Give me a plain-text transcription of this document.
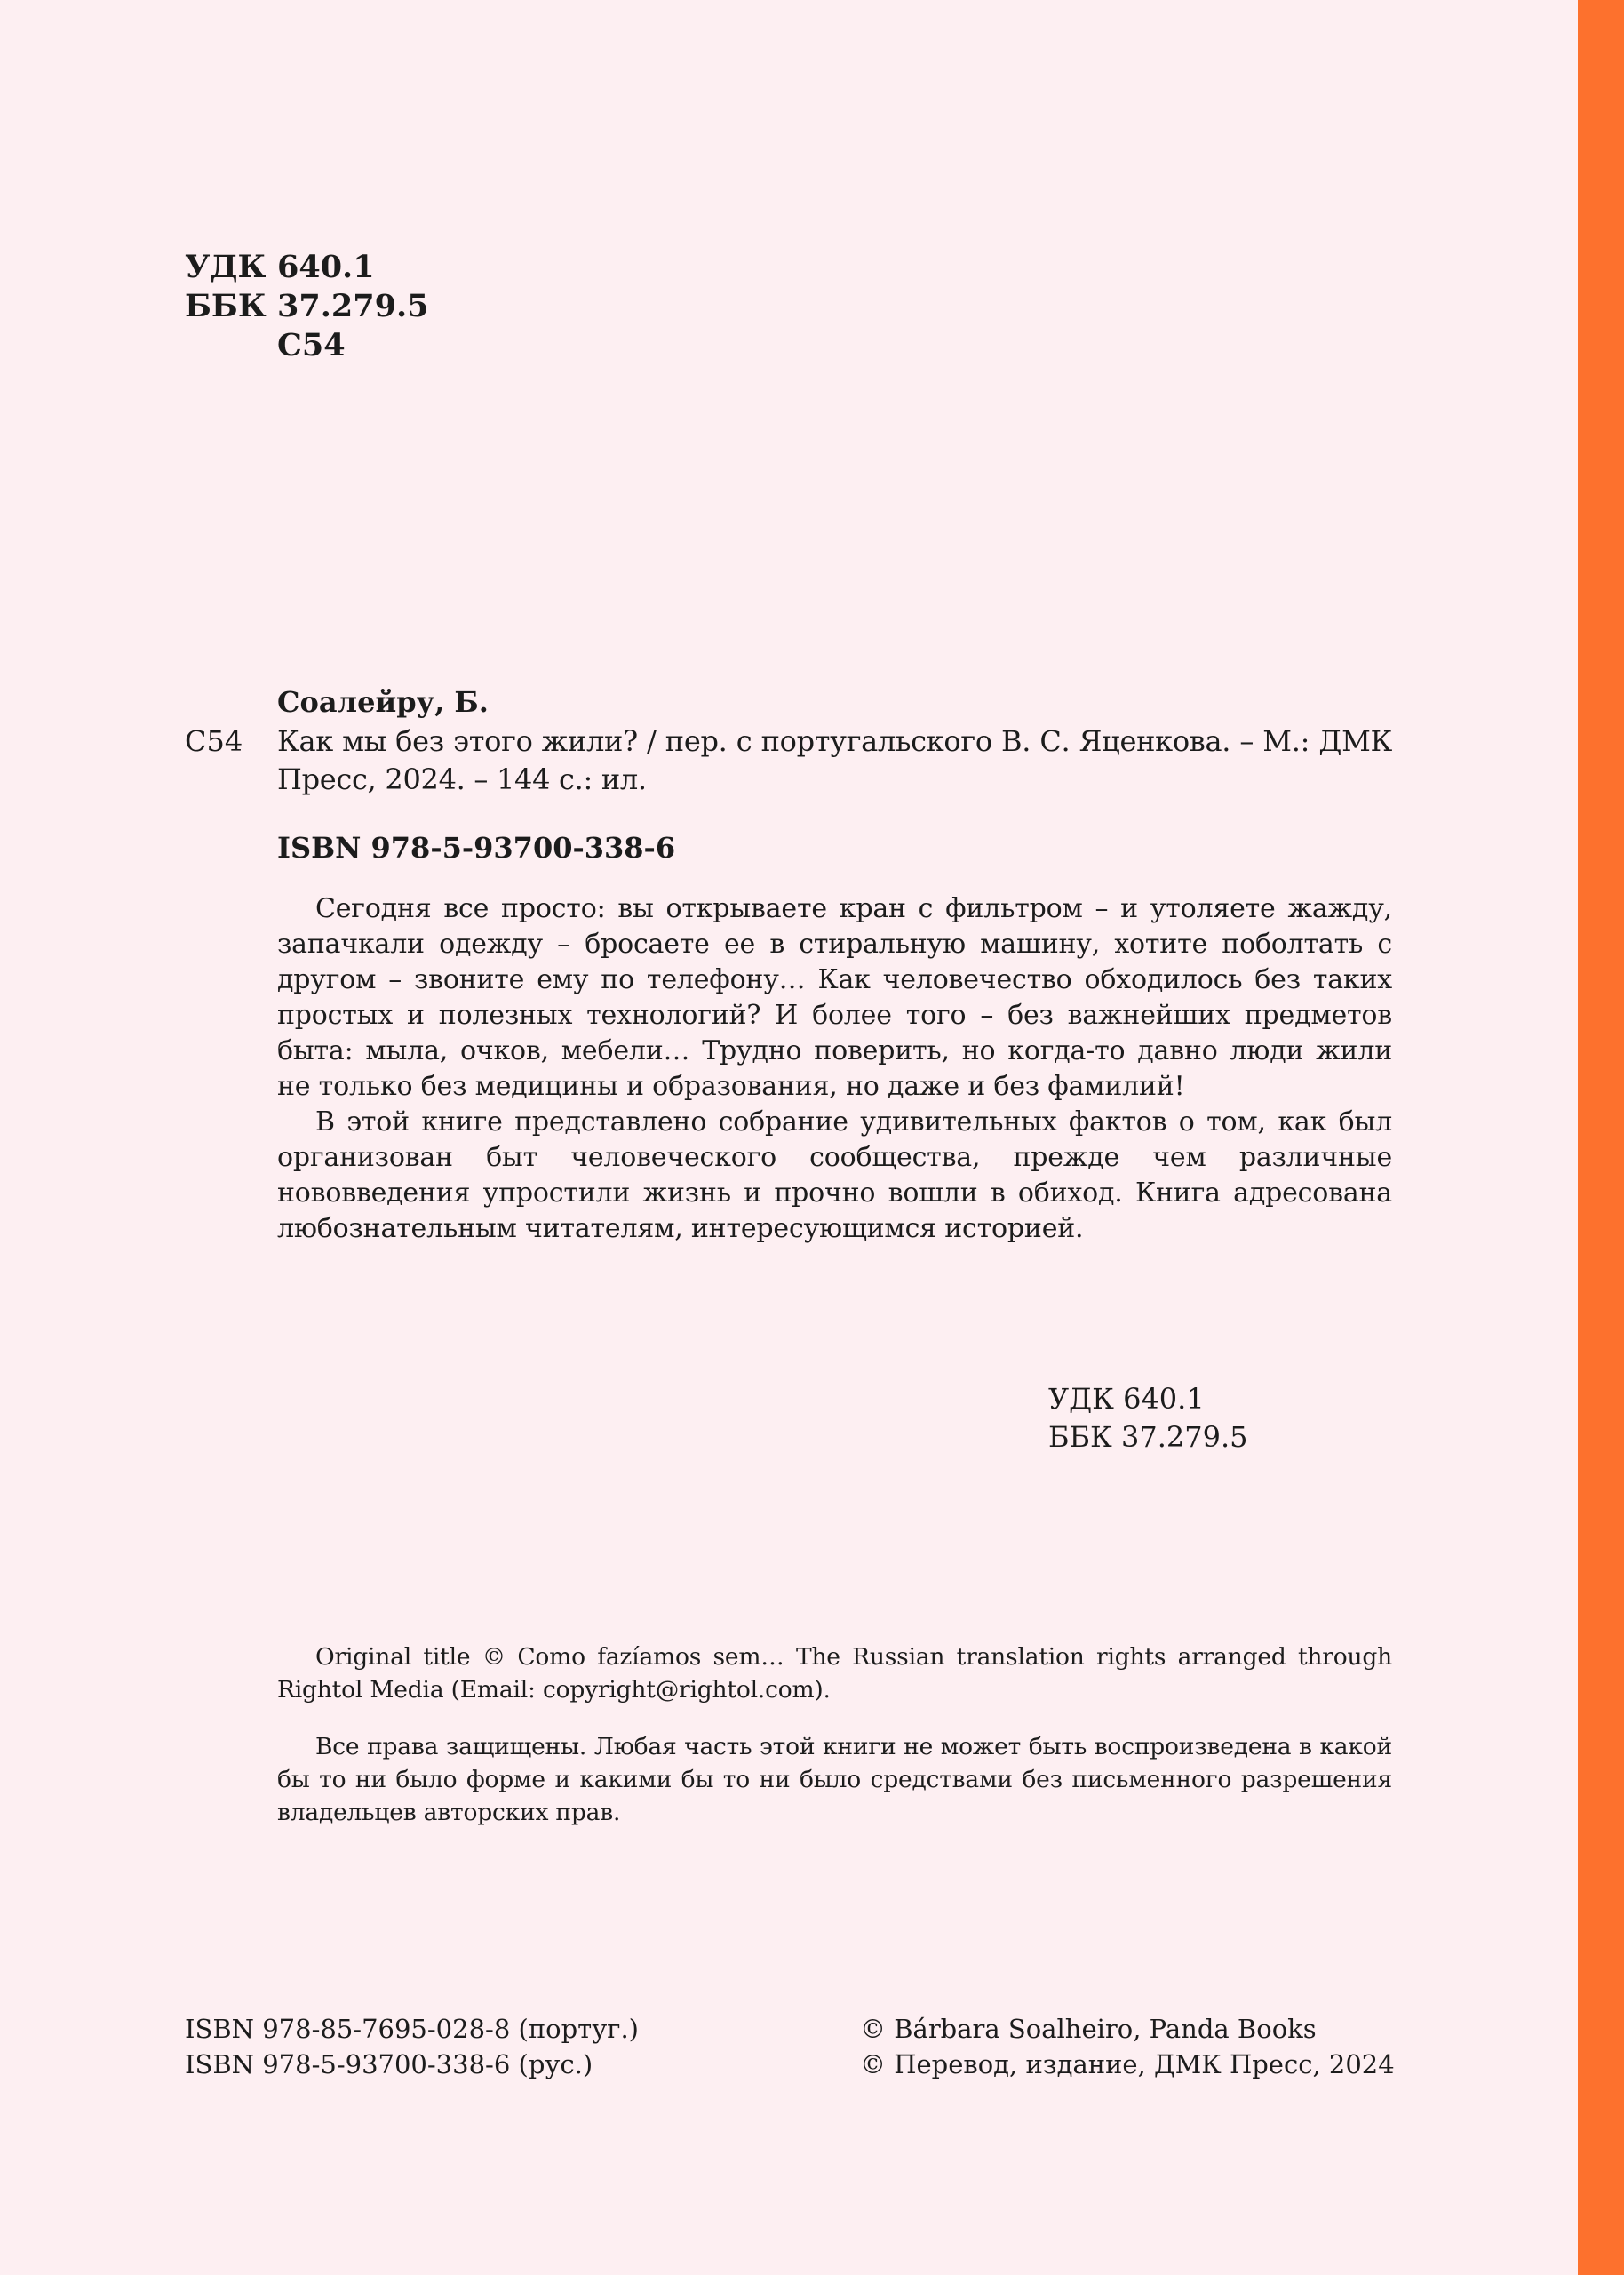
УДК 640.1
ББК 37.279.5
С54
Соалейру, Б.
С54 Как мы без этого жили? / пер. с португальского В. С. Яценкова. – М.: ДМК
Пресс, 2024. – 144 с.: ил.
ISBN 978-5-93700-338-6
Сегодня все просто: вы открываете кран с фильтром – и утоляете жажду, запачкали одежду – бросаете ее в стиральную машину, хотите поболтать с другом – звоните ему по телефону… Как человечество обходилось без таких простых и полезных технологий? И более того – без важнейших предметов быта: мыла, очков, мебели… Трудно поверить, но когда-то давно люди жили не только без медицины и образования, но даже и без фамилий!
В этой книге представлено собрание удивительных фактов о том, как был организован быт человеческого сообщества, прежде чем различные нововведения упростили жизнь и прочно вошли в обиход. Книга адресована любознательным читателям, интересующимся историей.
УДК 640.1
ББК 37.279.5
Original title © Como fazíamos sem… The Russian translation rights arranged through Rightol Media (Email: copyright@rightol.com).
Все права защищены. Любая часть этой книги не может быть воспроизведена в какой бы то ни было форме и какими бы то ни было средствами без письменного разрешения владельцев авторских прав.
ISBN 978-85-7695-028-8 (португ.)
ISBN 978-5-93700-338-6 (рус.)
© Bárbara Soalheiro, Panda Books
© Перевод, издание, ДМК Пресс, 2024
